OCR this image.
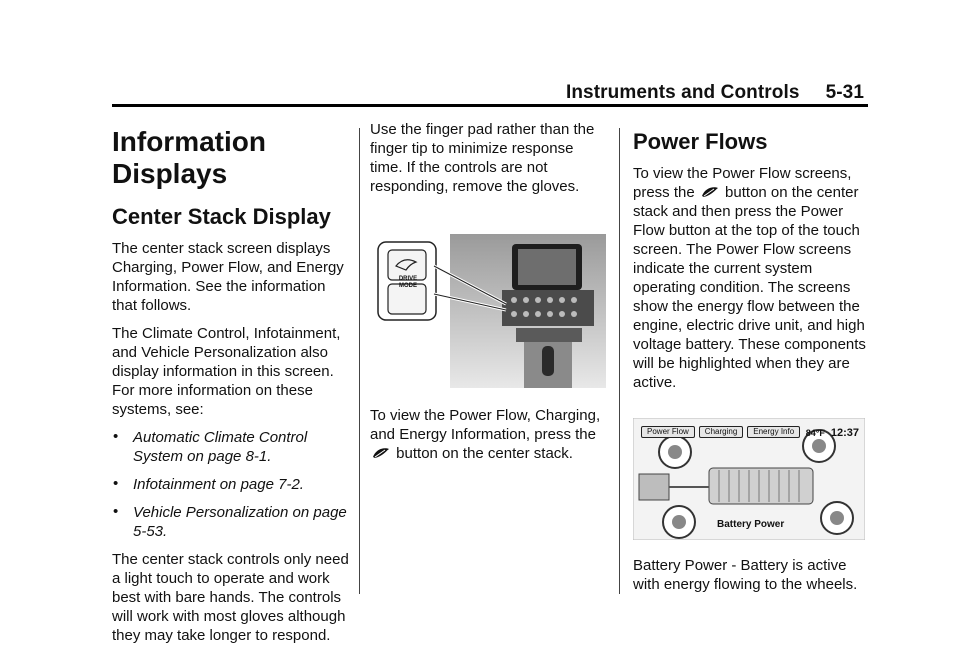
Instruments and Controls 5-31
Information Displays
Center Stack Display

The center stack screen displays Charging, Power Flow, and Energy Information. See the information that follows.

The Climate Control, Infotainment, and Vehicle Personalization also display information in this screen. For more information on these systems, see:

• Automatic Climate Control System on page 8-1.
• Infotainment on page 7-2.
• Vehicle Personalization on page 5-53.

The center stack controls only need a light touch to operate and work best with bare hands. The controls will work with most gloves although they may take longer to respond.

Use the finger pad rather than the finger tip to minimize response time. If the controls are not responding, remove the gloves.

DRIVE MODE

To view the Power Flow, Charging, and Energy Information, press the  button on the center stack.

Power Flows

To view the Power Flow screens, press the button on the center stack and then press the Power Flow button at the top of the touch screen. The Power Flow screens indicate the current system operating condition. The screens show the energy flow between the engine, electric drive unit, and high voltage battery. These components will be highlighted when they are active.

Power Flow	Charging	Energy Info	84°F 12:37
Battery Power

Battery Power - Battery is active with energy flowing to the wheels.
